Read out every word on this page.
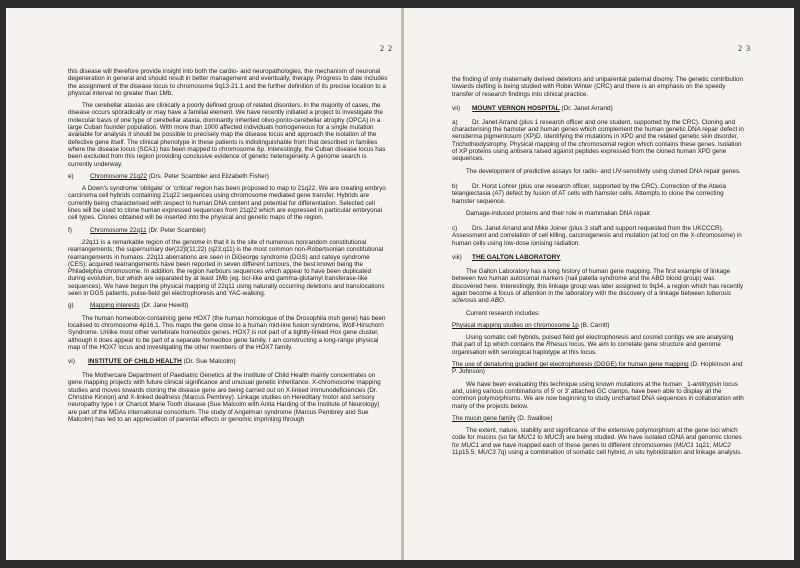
2 2

this disease will therefore provide insight into both the cardio- and neuropathologies, the mechanism of neuronal degeneration in general and should result in better management and eventually, therapy. Progress to date includes the assignment of the disease locus to chromosome 9q13-21.1 and the further definition of its precise location to a physical interval no greater than 1Mb.

The cerebellar ataxias are clinically a poorly defined group of related disorders. In the majority of cases, the disease occurs sporadically or may have a familial element. We have recently initiated a project to investigate the molecular basis of one type of cerebellar ataxia, dominantly inherited olivo-ponto-cerebellar atrophy (OPCA) in a large Cuban founder population. With more than 1000 affected individuals homogeneous for a single mutation available for analysis it should be possible to precisely map the disease locus and approach the isolation of the defective gene itself. The clinical phenotype in these patients is indistinguishable from that described in families where the disease locus (SCA1) has been mapped to chromosome 6p. Interestingly, the Cuban disease locus has been excluded from this region providing conclusive evidence of genetic heterogeneity. A genome search is currently underway.

e)	Chromosome 21q22 (Drs. Peter Scambler and Elizabeth Fisher)

A Down's syndrome 'obligate' or 'critical' region has been proposed to map to 21q22. We are creating embryo carcinoma cell hybrids containing 21q22 sequences using chromosome mediated gene transfer. Hybrids are currently being characterised with respect to human DNA content and potential for differentiation. Selected cell lines will be used to clone human expressed sequences from 21q22 which are expressed in particular embryonal cell types. Clones obtained will be inserted into the physical and genetic maps of the region.

f)	Chromosome 22q11 (Dr. Peter Scambler)

22q11 is a remarkable region of the genome in that it is the site of numerous nonrandom constitutional rearrangements; the supernumary der(22)t(11;22) (q23;q11) is the most common non-Robertsonian constitutional rearrangements in humans. 22q11 aberrations are seen in DiGeorge syndrome (DGS) and cateye syndrome (CES); acquired rearrangements have been reported in seven different tumours, the best known being the Philadelphia chromosome. In addition, the region harbours sequences which appear to have been duplicated during evolution, but which are separated by at least 1Mb (eg. bcr-like and gamma-glutamyl transferase-like sequences). We have begun the physical mapping of 22q11 using naturally occurring deletions and translocations seen in DGS patients, pulse-field gel electrophoresis and YAC-walking.

g)	Mapping interests (Dr. Jane Hewitt)

The human homeobox-containing gene HOX7 (the human homologue of the Drosophila msh gene) has been localised to chromosome 4p16.1. This maps the gene close to a human mid-line fusion syndrome, Wolf-Hirschorn Syndrome. Unlike most other vertebrate homeobox genes, HOX7 is not part of a tightly-linked Hox gene cluster, although it does appear to be part of a separate homeobox gene family. I am constructing a long-range physical map of the HOX7 locus and investigating the other members of the HOX7 family.

vi) INSTITUTE OF CHILD HEALTH (Dr. Sue Malcolm)

The Mothercare Department of Paediatric Genetics at the Institute of Child Health mainly concentrates on gene mapping projects with future clinical significance and unusual genetic inheritance. X-chromosome mapping studies and moves towards cloning the disease gene are being carried out on X-linked immunodeficiencies (Dr. Christine Kinnon) and X-linked deafness (Marcus Pembrey). Linkage studies on Hereditary motor and sensory neuropathy type I or Charcot Marie Tooth disease (Sue Malcolm with Anita Harding of the Institute of Neurology) are part of the MDAs international consortium. The study of Angelman syndrome (Marcus Pembrey and Sue Malcolm) has led to an appreciation of parental effects or genomic imprinting through

2 3

the finding of only maternally derived deletions and uniparental paternal disomy. The genetic contribution towards clefting is being studied with Robin Winter (CRC) and there is an emphasis on the speedy transfer of research findings into clinical practice.

vii) MOUNT VERNON HOSPITAL (Dr. Janet Arrand)

a) Dr. Janet Arrand (plus 1 research officer and one student, supported by the CRC). Cloning and characterising the hamster and human genes which complement the human genetic DNA repair defect in xeroderma pigmentosum (XP)D. Identifying the mutations in XPD and the related genetic skin disorder, Trichothiodystrophy. Physical mapping of the chromosomal region which contains these genes. Isolation of XP proteins using antisera raised against peptides expressed from the cloned human XPD gene sequences.

The development of predictive assays for radio- and UV-sensitivity using cloned DNA repair genes.

b) Dr. Horst Lohrer (plus one research officer, supported by the CRC). Correction of the Ataxia telangiectasia (AT) defect by fusion of AT cells with hamster cells. Attempts to clone the correcting hamster sequence.

Damage-induced proteins and their role in mammalian DNA repair.

c) Drs. Janet Arrand and Mike Joiner (plus 3 staff and support requested from the UKCCCR). Assessment and correlation of cell killing, carcinogenesis and mutation (at loci on the X-chromosome) in human cells using low-dose ionising radiation.

viii) THE GALTON LABORATORY

The Galton Laboratory has a long history of human gene mapping. The first example of linkage between two human autosomal markers (nail patella syndrome and the ABO blood group) was discovered here. Interestingly, this linkage group was later assigned to 9q34, a region which has recently again become a focus of attention in the laboratory with the discovery of a linkage between tuberous sclerosis and ABO.

Current research includes:

Physical mapping studies on chromosome 1p (B. Carritt)

Using somatic cell hybrids, pulsed field gel electrophoresis and cosmid contigs we are analysing that part of 1p which contains the Rhesus locus. We aim to correlate gene structure and genome organisation with serological haplotype at this locus.

The use of denaturing gradient gel electrophoresis (DGGE) for human gene mapping (D. Hopkinson and P. Johnson)

We have been evaluating this technique using known mutations at the human _1-antitrypsin locus and, using various combinations of 5' or 3' attached GC clamps, have been able to display all the common polymorphisms. We are now beginning to study uncharted DNA sequences in collaboration with many of the projects below.

The mucin gene family (D. Swallow)

The extent, nature, stability and significance of the extensive polymorphism at the gene loci which code for mucins (so far MUC1 to MUC3) are being studied. We have isolated cDNA and genomic clones for MUC1 and we have mapped each of these genes to different chromosomes (MUC1 1q21; MUC2 11p15.5; MUC3 7q) using a combination of somatic cell hybrid, in situ hybridization and linkage analysis.
